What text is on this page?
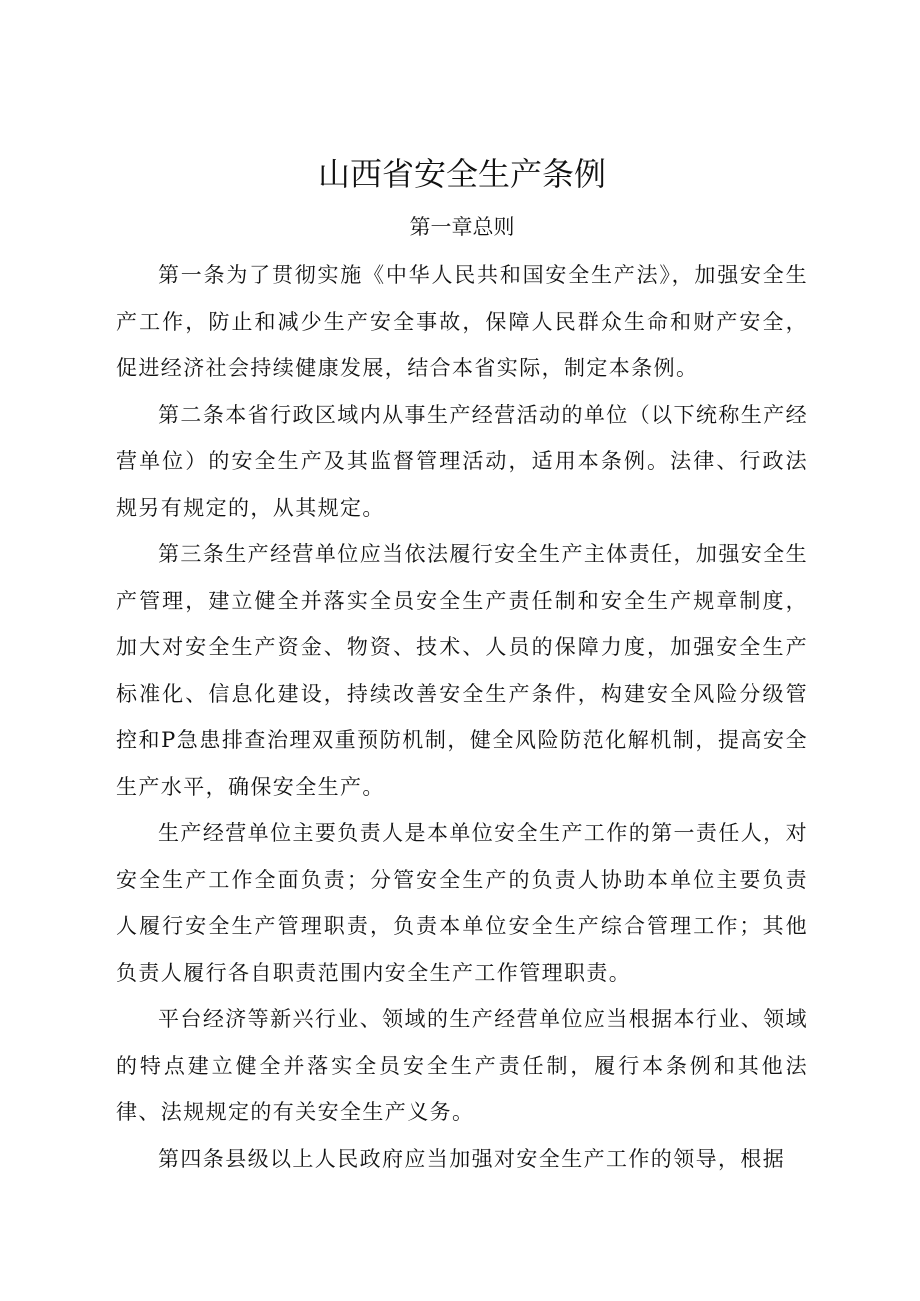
山西省安全生产条例
第一章总则

第一条为了贯彻实施《中华人民共和国安全生产法》，加强安全生产工作，防止和减少生产安全事故，保障人民群众生命和财产安全，促进经济社会持续健康发展，结合本省实际，制定本条例。

第二条本省行政区域内从事生产经营活动的单位（以下统称生产经营单位）的安全生产及其监督管理活动，适用本条例。法律、行政法规另有规定的，从其规定。

第三条生产经营单位应当依法履行安全生产主体责任，加强安全生产管理，建立健全并落实全员安全生产责任制和安全生产规章制度，加大对安全生产资金、物资、技术、人员的保障力度，加强安全生产标准化、信息化建设，持续改善安全生产条件，构建安全风险分级管控和P急患排查治理双重预防机制，健全风险防范化解机制，提高安全生产水平，确保安全生产。

生产经营单位主要负责人是本单位安全生产工作的第一责任人，对安全生产工作全面负责；分管安全生产的负责人协助本单位主要负责人履行安全生产管理职责，负责本单位安全生产综合管理工作；其他负责人履行各自职责范围内安全生产工作管理职责。

平台经济等新兴行业、领域的生产经营单位应当根据本行业、领域的特点建立健全并落实全员安全生产责任制，履行本条例和其他法律、法规规定的有关安全生产义务。

第四条县级以上人民政府应当加强对安全生产工作的领导，根据
